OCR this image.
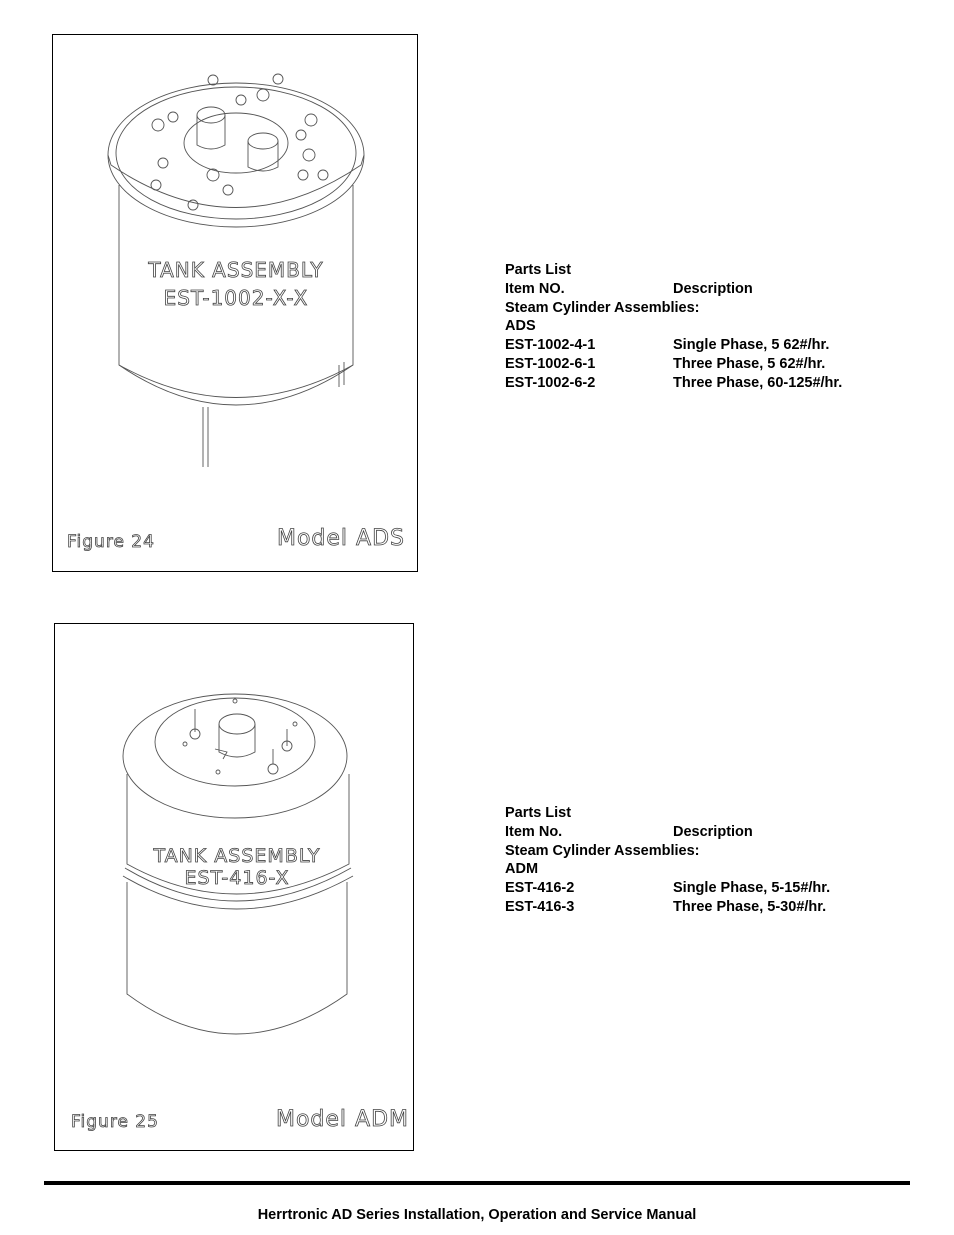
TANK ASSEMBLY
EST-1002-X-X
Figure 24	Model ADS
Parts List
Item NO.	Description
Steam Cylinder Assemblies:
ADS
EST-1002-4-1	Single Phase, 5 62#/hr.
EST-1002-6-1	Three Phase, 5 62#/hr.
EST-1002-6-2	Three Phase, 60-125#/hr.
TANK ASSEMBLY
EST-416-X
Figure 25	Model ADM
Parts List
Item No.	Description
Steam Cylinder Assemblies:
ADM
EST-416-2	Single Phase, 5-15#/hr.
EST-416-3	Three Phase, 5-30#/hr.
Herrtronic AD Series Installation, Operation and Service Manual
